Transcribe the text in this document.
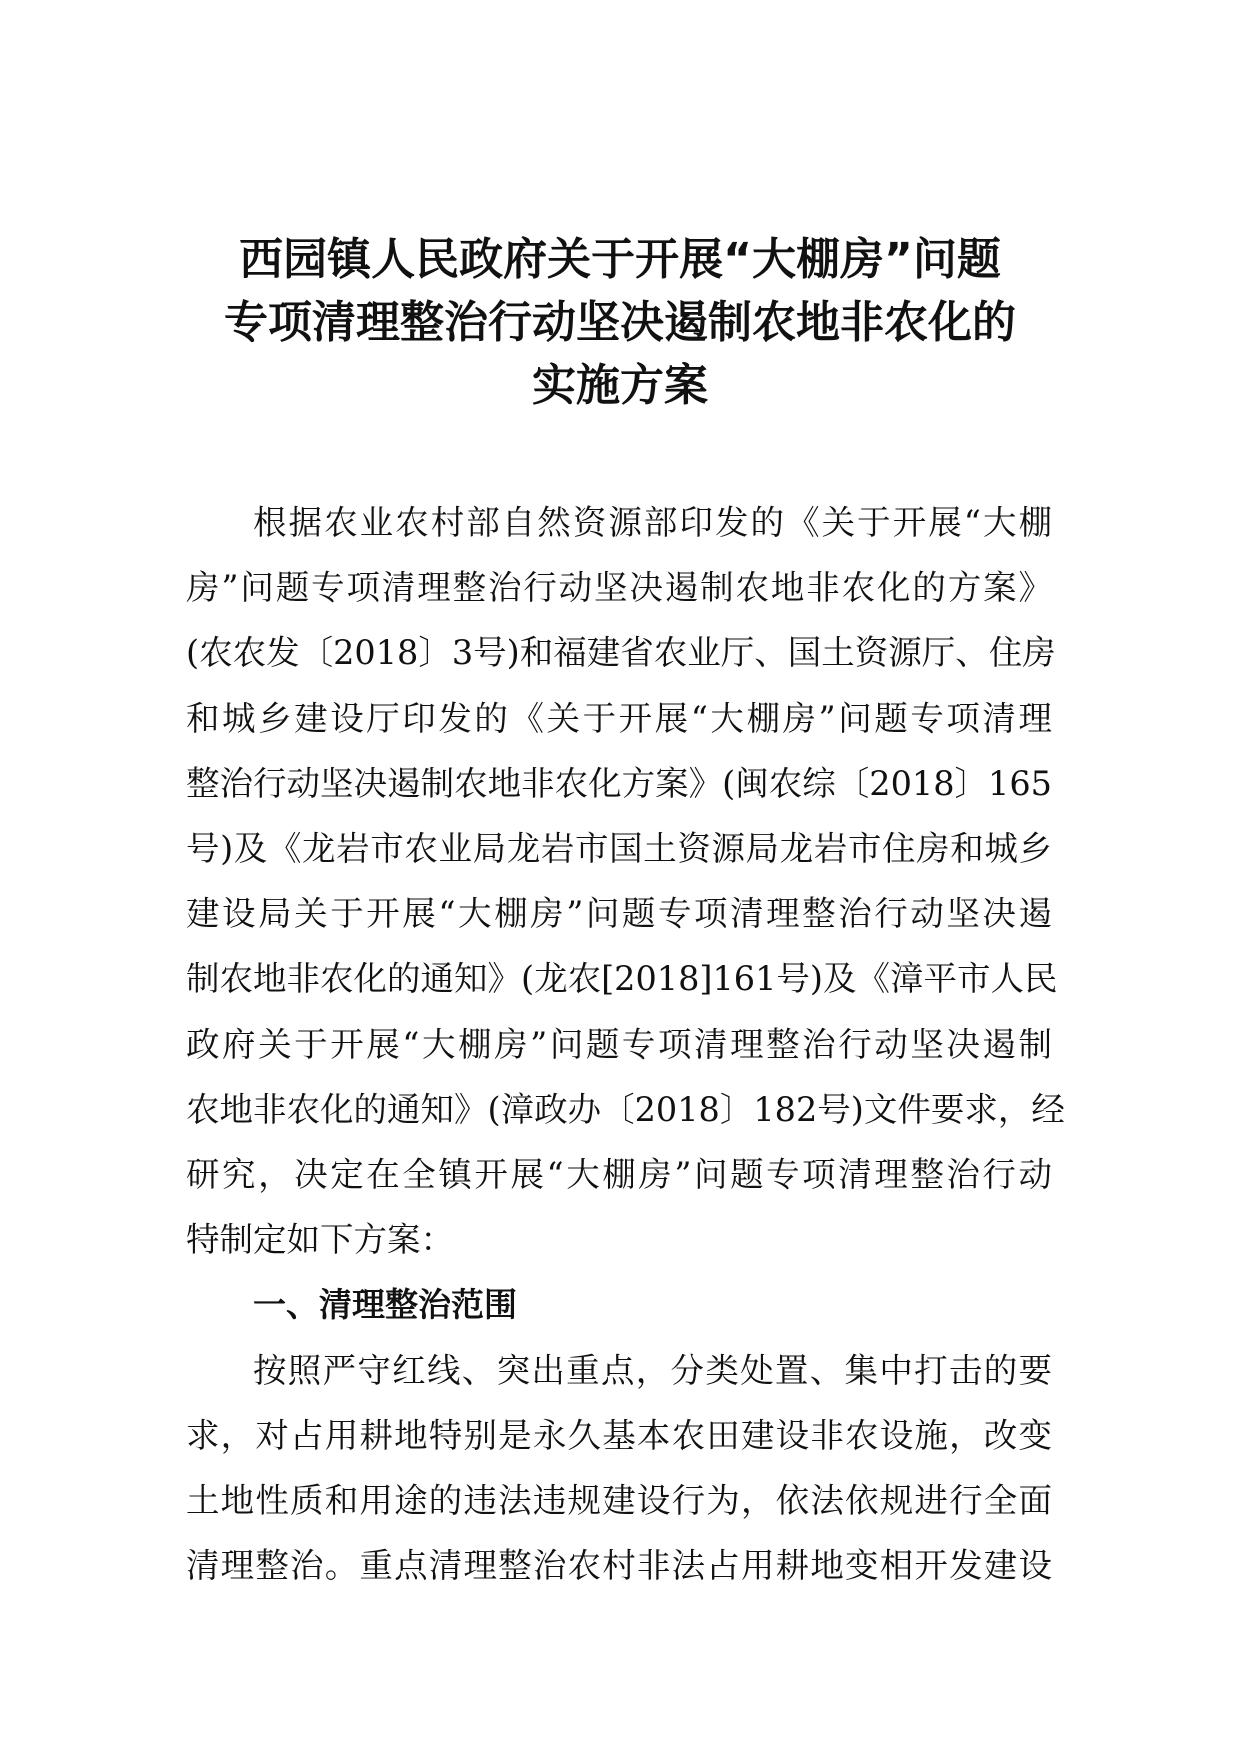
西园镇人民政府关于开展“大棚房”问题
专项清理整治行动坚决遏制农地非农化的
实施方案
根据农业农村部自然资源部印发的《关于开展“大棚
房”问题专项清理整治行动坚决遏制农地非农化的方案》
(农农发〔2018〕3号)和福建省农业厅、国土资源厅、住房
和城乡建设厅印发的《关于开展“大棚房”问题专项清理
整治行动坚决遏制农地非农化方案》(闽农综〔2018〕165
号)及《龙岩市农业局龙岩市国土资源局龙岩市住房和城乡
建设局关于开展“大棚房”问题专项清理整治行动坚决遏
制农地非农化的通知》(龙农[2018]161号)及《漳平市人民
政府关于开展“大棚房”问题专项清理整治行动坚决遏制
农地非农化的通知》(漳政办〔2018〕182号)文件要求，经
研究，决定在全镇开展“大棚房”问题专项清理整治行动
特制定如下方案：
一、清理整治范围
按照严守红线、突出重点，分类处置、集中打击的要
求，对占用耕地特别是永久基本农田建设非农设施，改变
土地性质和用途的违法违规建设行为，依法依规进行全面
清理整治。重点清理整治农村非法占用耕地变相开发建设
